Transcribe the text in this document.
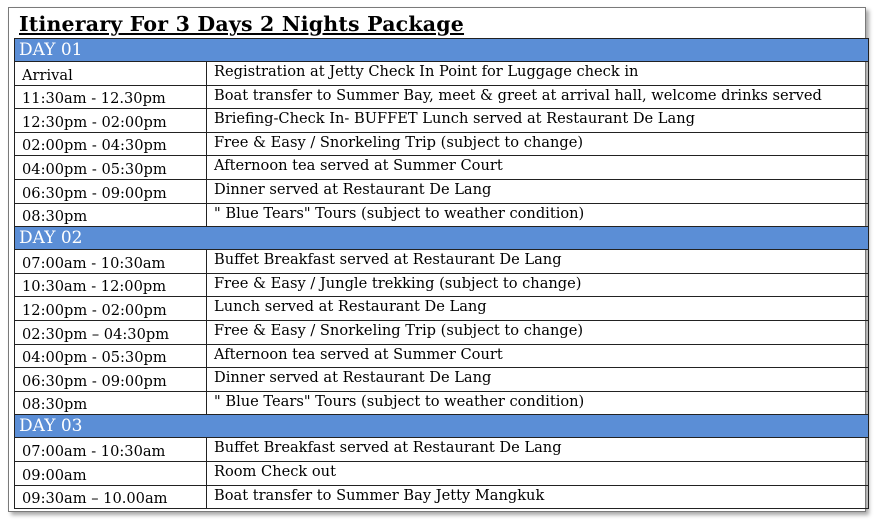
Itinerary For 3 Days 2 Nights Package
DAY 01	
Arrival	Registration at Jetty Check In Point for Luggage check in
11:30am - 12.30pm	Boat transfer to Summer Bay, meet & greet at arrival hall, welcome drinks served
12:30pm - 02:00pm	Briefing-Check In- BUFFET Lunch served at Restaurant De Lang
02:00pm - 04:30pm	Free & Easy / Snorkeling Trip (subject to change)
04:00pm - 05:30pm	Afternoon tea served at Summer Court
06:30pm - 09:00pm	Dinner served at Restaurant De Lang
08:30pm	" Blue Tears" Tours (subject to weather condition)
DAY 02	
07:00am - 10:30am	Buffet Breakfast served at Restaurant De Lang
10:30am - 12:00pm	Free & Easy / Jungle trekking (subject to change)
12:00pm - 02:00pm	Lunch served at Restaurant De Lang
02:30pm – 04:30pm	Free & Easy / Snorkeling Trip (subject to change)
04:00pm - 05:30pm	Afternoon tea served at Summer Court
06:30pm - 09:00pm	Dinner served at Restaurant De Lang
08:30pm	" Blue Tears" Tours (subject to weather condition)
DAY 03	
07:00am - 10:30am	Buffet Breakfast served at Restaurant De Lang
09:00am	Room Check out
09:30am – 10.00am	Boat transfer to Summer Bay Jetty Mangkuk
